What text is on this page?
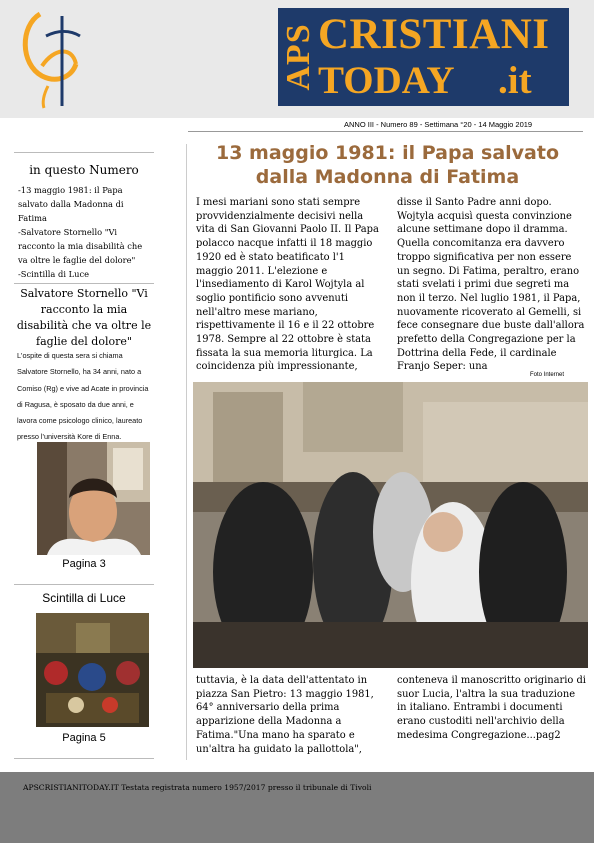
APS CRISTIANI
TODAY .it
ANNO III - Numero 89 - Settimana °20 - 14 Maggio 2019
in questo Numero
-13 maggio 1981: il Papa salvato dalla Madonna di Fatima
-Salvatore Stornello "Vi racconto la mia disabilità che va oltre le faglie del dolore"
-Scintilla di Luce
Salvatore Stornello "Vi racconto la mia disabilità che va oltre le faglie del dolore"
L'ospite di questa sera si chiama Salvatore Stornello, ha 34 anni, nato a Comiso (Rg) e vive ad Acate in provincia di Ragusa, è sposato da due anni, e lavora come psicologo clinico, laureato presso l'università Kore di Enna.
Pagina 3
Scintilla di Luce
Pagina 5
13 maggio 1981: il Papa salvato dalla Madonna di Fatima

I mesi mariani sono stati sempre provvidenzialmente decisivi nella vita di San Giovanni Paolo II. Il Papa polacco nacque infatti il 18 maggio 1920 ed è stato beatificato l'1 maggio 2011. L'elezione e l'insediamento di Karol Wojtyla al soglio pontificio sono avvenuti nell'altro mese mariano, rispettivamente il 16 e il 22 ottobre 1978. Sempre al 22 ottobre è stata fissata la sua memoria liturgica. La coincidenza più impressionante,

disse il Santo Padre anni dopo. Wojtyla acquisì questa convinzione alcune settimane dopo il dramma. Quella concomitanza era davvero troppo significativa per non essere un segno. Di Fatima, peraltro, erano stati svelati i primi due segreti ma non il terzo. Nel luglio 1981, il Papa, nuovamente ricoverato al Gemelli, si fece consegnare due buste dall'allora prefetto della Congregazione per la Dottrina della Fede, il cardinale Franjo Seper: una

Foto Internet

tuttavia, è la data dell'attentato in piazza San Pietro: 13 maggio 1981, 64° anniversario della prima apparizione della Madonna a Fatima."Una mano ha sparato e un'altra ha guidato la pallottola",

conteneva il manoscritto originario di suor Lucia, l'altra la sua traduzione in italiano. Entrambi i documenti erano custoditi nell'archivio della medesima Congregazione...pag2

APSCRISTIANITODAY.IT Testata registrata numero 1957/2017 presso il tribunale di Tivoli
